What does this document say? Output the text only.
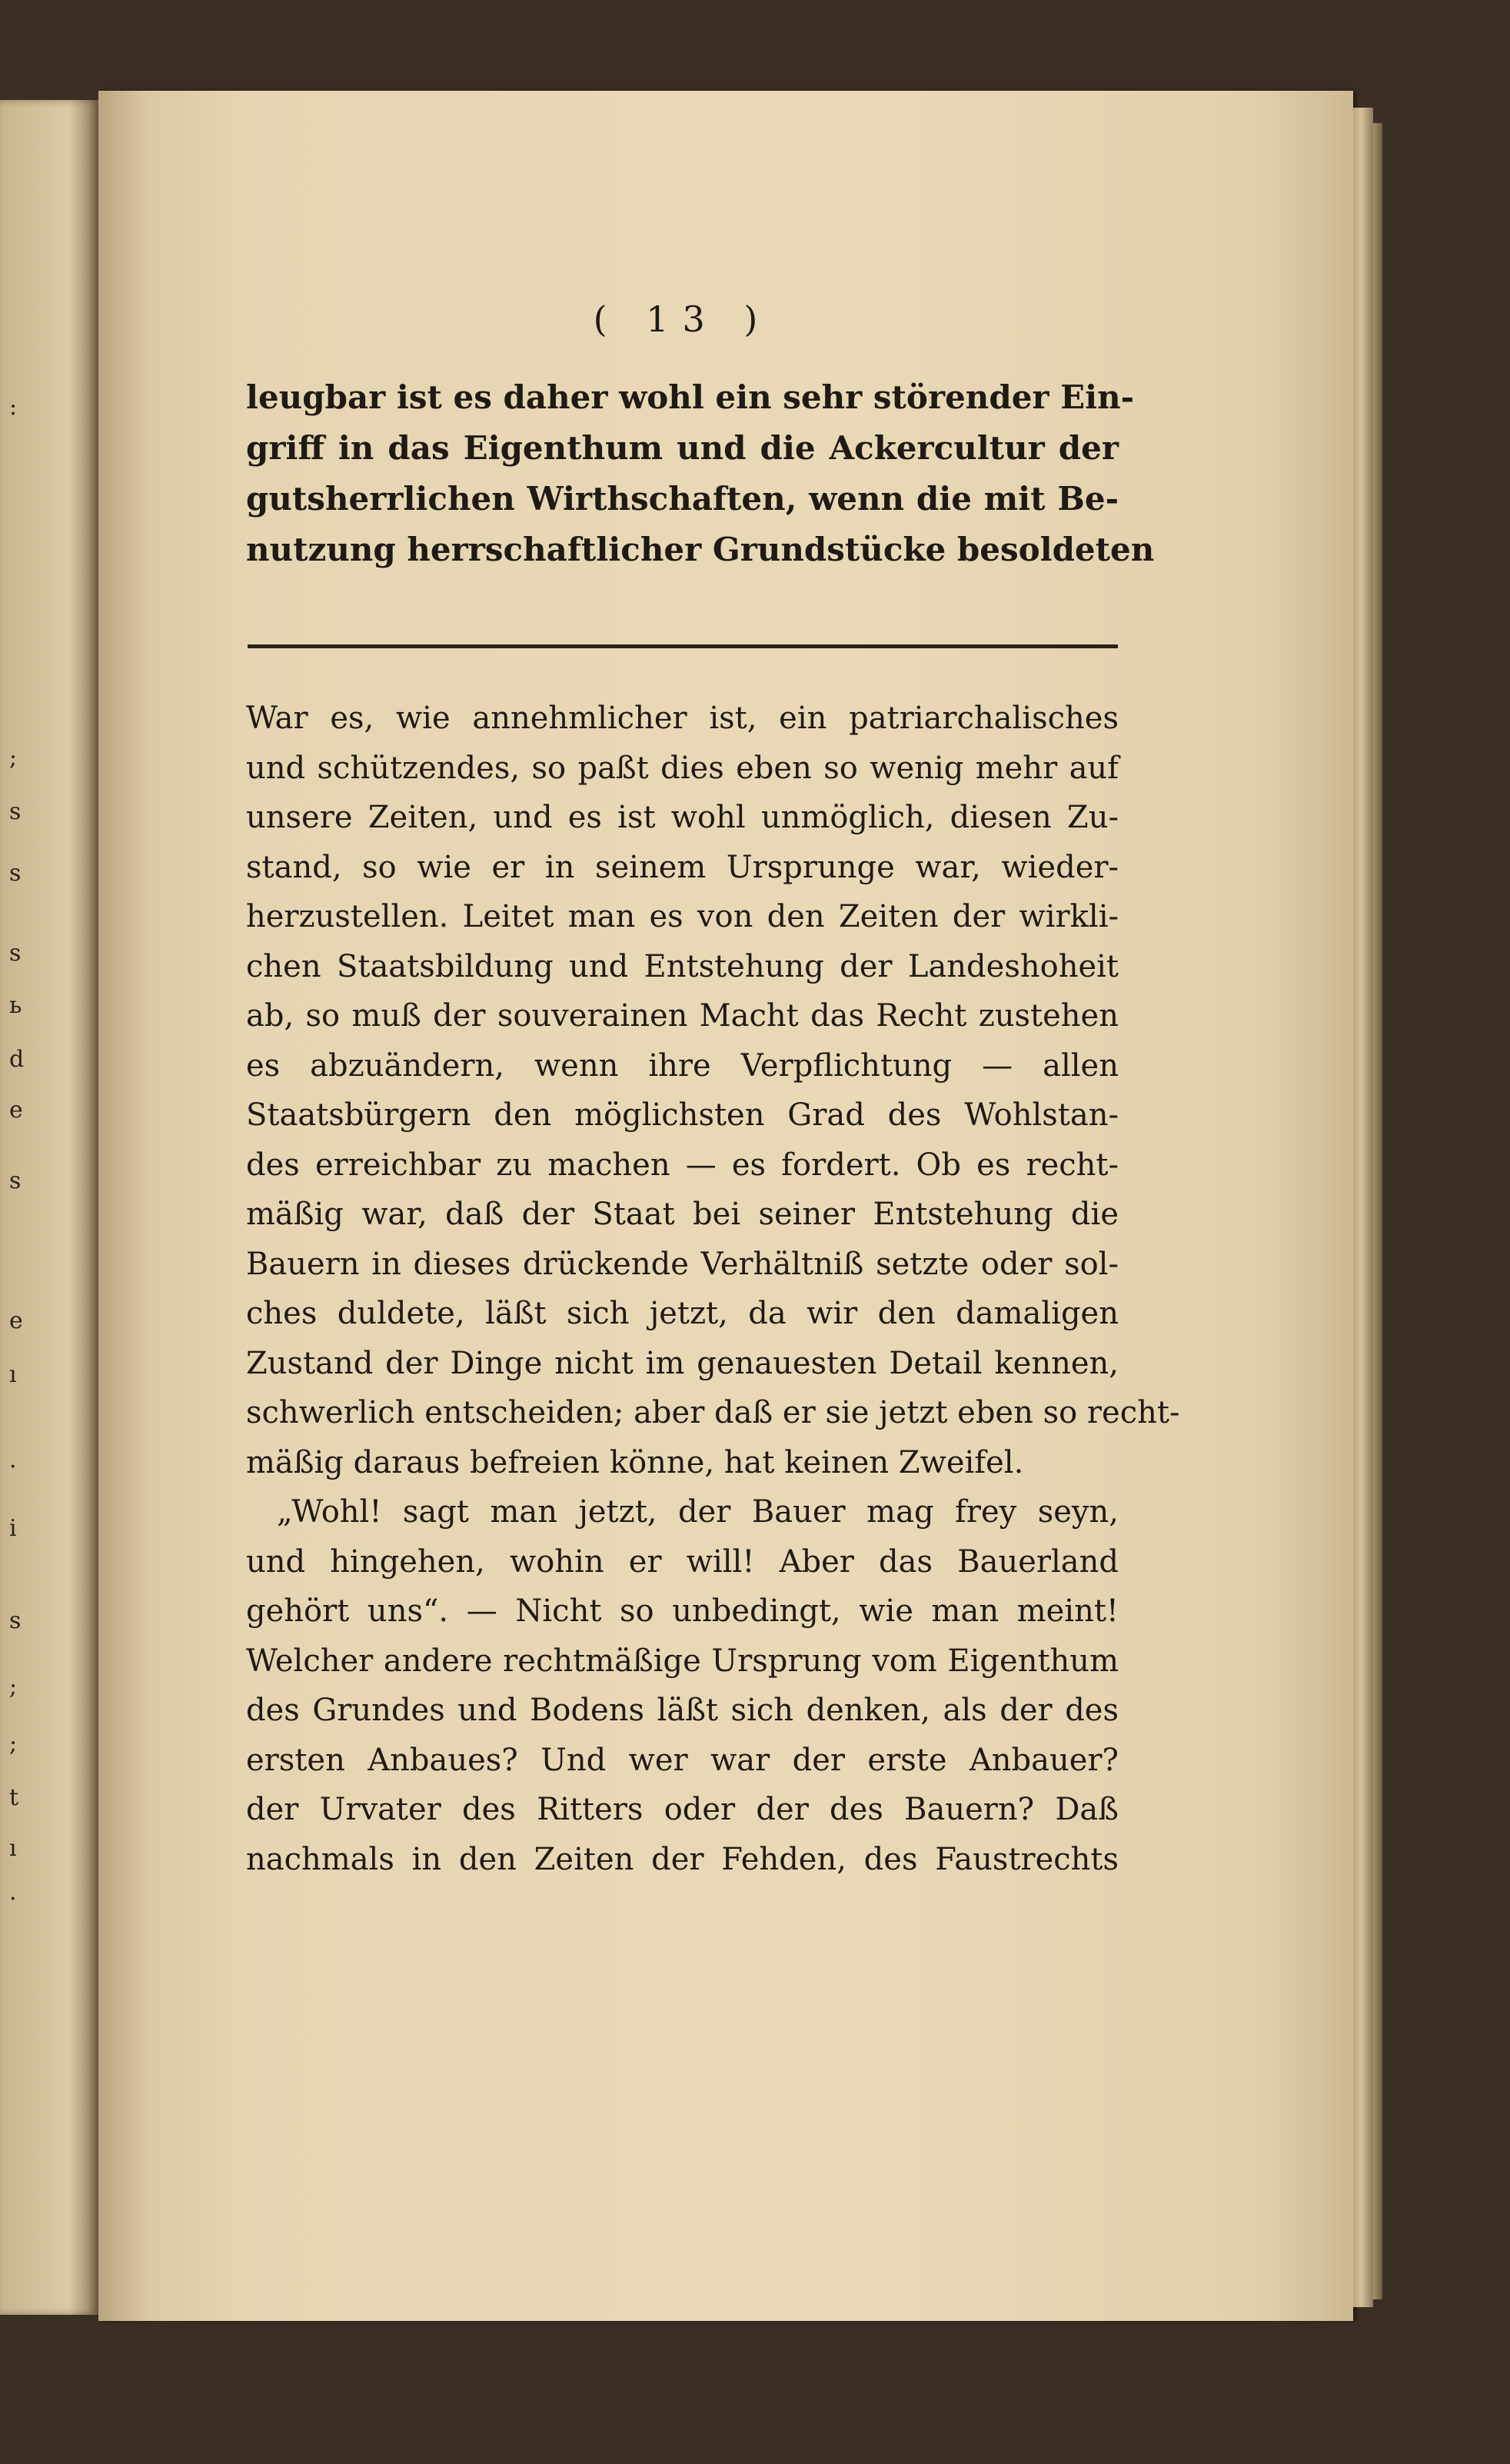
:
;
s
s
s
ь
d
e
s
e
ı
·
i
s
;
;
t
ı
·
( 13 )
leugbar ist es daher wohl ein sehr störender Ein-
griff in das Eigenthum und die Ackercultur der
gutsherrlichen Wirthschaften, wenn die mit Be-
nutzung herrschaftlicher Grundstücke besoldeten
War es, wie annehmlicher ist, ein patriarchalisches
und schützendes, so paßt dies eben so wenig mehr auf
unsere Zeiten, und es ist wohl unmöglich, diesen Zu-
stand, so wie er in seinem Ursprunge war, wieder-
herzustellen. Leitet man es von den Zeiten der wirkli-
chen Staatsbildung und Entstehung der Landeshoheit
ab, so muß der souverainen Macht das Recht zustehen
es abzuändern, wenn ihre Verpflichtung — allen
Staatsbürgern den möglichsten Grad des Wohlstan-
des erreichbar zu machen — es fordert. Ob es recht-
mäßig war, daß der Staat bei seiner Entstehung die
Bauern in dieses drückende Verhältniß setzte oder sol-
ches duldete, läßt sich jetzt, da wir den damaligen
Zustand der Dinge nicht im genauesten Detail kennen,
schwerlich entscheiden; aber daß er sie jetzt eben so recht-
mäßig daraus befreien könne, hat keinen Zweifel.
„Wohl! sagt man jetzt, der Bauer mag frey seyn,
und hingehen, wohin er will! Aber das Bauerland
gehört uns“. — Nicht so unbedingt, wie man meint!
Welcher andere rechtmäßige Ursprung vom Eigenthum
des Grundes und Bodens läßt sich denken, als der des
ersten Anbaues? Und wer war der erste Anbauer?
der Urvater des Ritters oder der des Bauern? Daß
nachmals in den Zeiten der Fehden, des Faustrechts
